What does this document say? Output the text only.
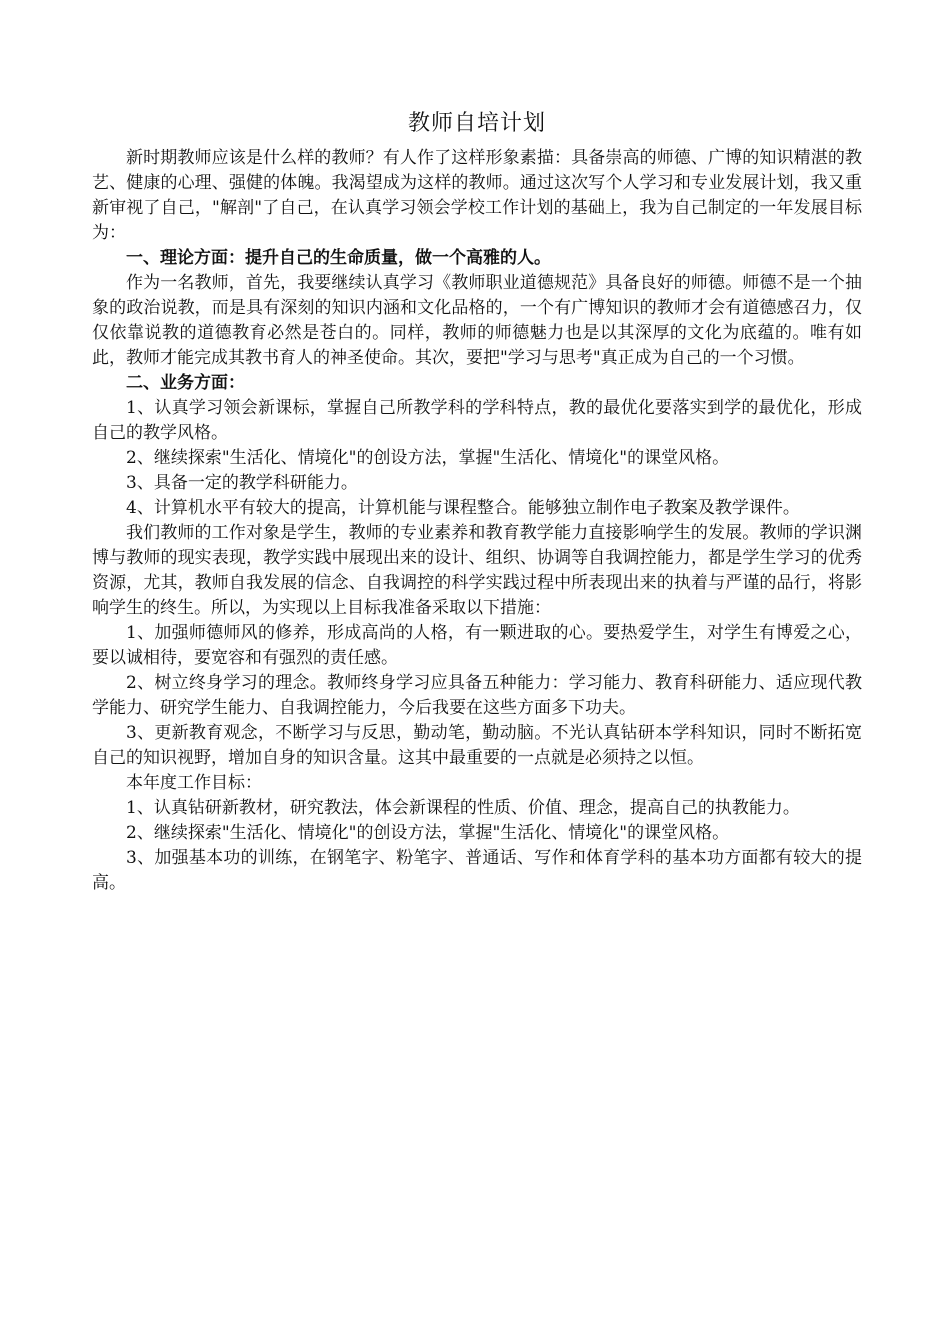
教师自培计划

新时期教师应该是什么样的教师？有人作了这样形象素描：具备崇高的师德、广博的知识精湛的教艺、健康的心理、强健的体魄。我渴望成为这样的教师。通过这次写个人学习和专业发展计划，我又重新审视了自己，"解剖"了自己，在认真学习领会学校工作计划的基础上，我为自己制定的一年发展目标为：

一、理论方面：提升自己的生命质量，做一个高雅的人。

作为一名教师，首先，我要继续认真学习《教师职业道德规范》具备良好的师德。师德不是一个抽象的政治说教，而是具有深刻的知识内涵和文化品格的，一个有广博知识的教师才会有道德感召力，仅仅依靠说教的道德教育必然是苍白的。同样，教师的师德魅力也是以其深厚的文化为底蕴的。唯有如此，教师才能完成其教书育人的神圣使命。其次，要把"学习与思考"真正成为自己的一个习惯。

二、业务方面：

1、认真学习领会新课标，掌握自己所教学科的学科特点，教的最优化要落实到学的最优化，形成自己的教学风格。

2、继续探索"生活化、情境化"的创设方法，掌握"生活化、情境化"的课堂风格。

3、具备一定的教学科研能力。

4、计算机水平有较大的提高，计算机能与课程整合。能够独立制作电子教案及教学课件。

我们教师的工作对象是学生，教师的专业素养和教育教学能力直接影响学生的发展。教师的学识渊博与教师的现实表现，教学实践中展现出来的设计、组织、协调等自我调控能力，都是学生学习的优秀资源，尤其，教师自我发展的信念、自我调控的科学实践过程中所表现出来的执着与严谨的品行，将影响学生的终生。所以，为实现以上目标我准备采取以下措施：

1、加强师德师风的修养，形成高尚的人格，有一颗进取的心。要热爱学生，对学生有博爱之心，要以诚相待，要宽容和有强烈的责任感。

2、树立终身学习的理念。教师终身学习应具备五种能力：学习能力、教育科研能力、适应现代教学能力、研究学生能力、自我调控能力，今后我要在这些方面多下功夫。

3、更新教育观念，不断学习与反思，勤动笔，勤动脑。不光认真钻研本学科知识，同时不断拓宽自己的知识视野，增加自身的知识含量。这其中最重要的一点就是必须持之以恒。

本年度工作目标：

1、认真钻研新教材，研究教法，体会新课程的性质、价值、理念，提高自己的执教能力。

2、继续探索"生活化、情境化"的创设方法，掌握"生活化、情境化"的课堂风格。

3、加强基本功的训练，在钢笔字、粉笔字、普通话、写作和体育学科的基本功方面都有较大的提高。
